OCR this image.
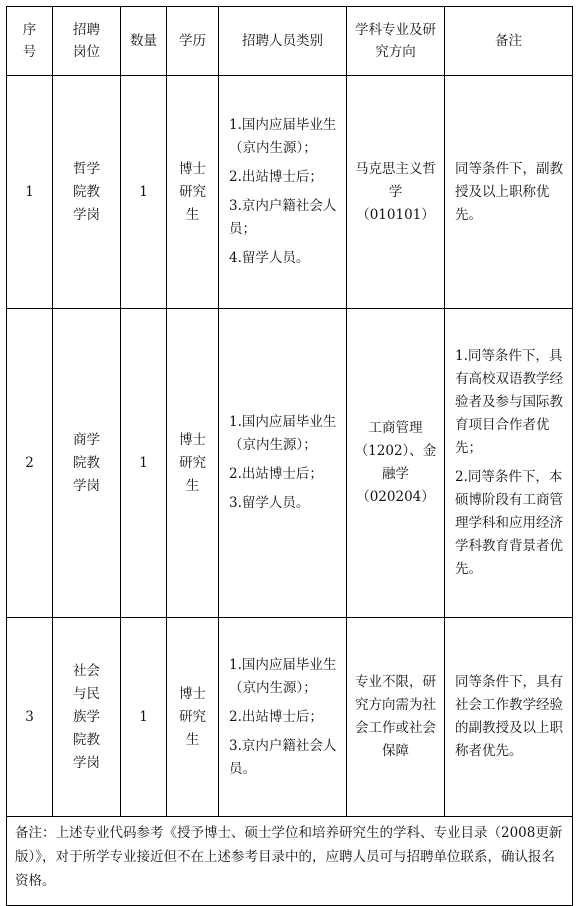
序号	招聘岗位	数量	学历	招聘人员类别	学科专业及研究方向	备注
1	哲学院教学岗	1	博士研究生	1.国内应届毕业生（京内生源）；
2.出站博士后；
3.京内户籍社会人员；
4.留学人员。	马克思主义哲学（010101）	同等条件下，副教授及以上职称优先。

2	商学院教学岗	1	博士研究生	1.国内应届毕业生（京内生源）；
2.出站博士后；
3.留学人员。	工商管理（1202）、金融学（020204）	1.同等条件下，具有高校双语教学经验者及参与国际教育项目合作者优先；
2.同等条件下，本硕博阶段有工商管理学科和应用经济学科教育背景者优先。

3	社会与民族学院教学岗	1	博士研究生	1.国内应届毕业生（京内生源）；
2.出站博士后；
3.京内户籍社会人员。	专业不限，研究方向需为社会工作或社会保障	同等条件下，具有社会工作教学经验的副教授及以上职称者优先。

备注：上述专业代码参考《授予博士、硕士学位和培养研究生的学科、专业目录（2008更新版）》，对于所学专业接近但不在上述参考目录中的，应聘人员可与招聘单位联系，确认报名资格。						
